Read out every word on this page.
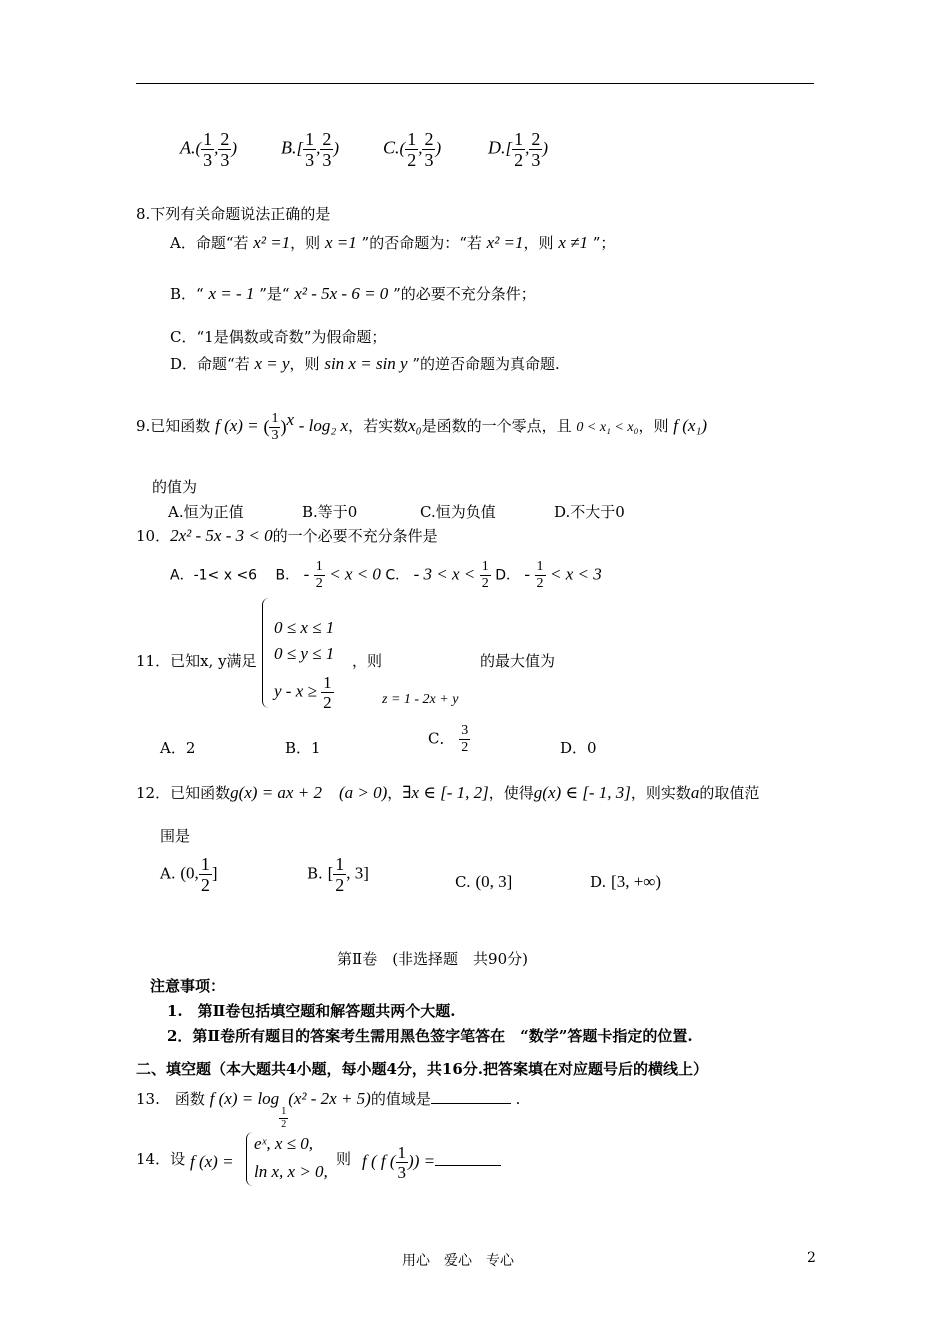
$A.( \frac{1}{3}$ , $\frac{2}{3}$ ) $B.[ \frac{1}{3}$ , $\frac{2}{3}$ ) $C.( \frac{1}{2}$ , $\frac{2}{3}$ )	$D.[ \frac{1}{2}$ , $\frac{2}{3}$ )
8.下列有关命题说法正确的是
A．命题“若 x² =1，则 x =1 ”的否命题为：“若 x² =1，则 x ≠1 ”；
B．“ x = - 1 ”是“ x² - 5x - 6 = 0 ”的必要不充分条件；
C．“1是偶数或奇数”为假命题；
D．命题“若 x = y，则 sin x = sin y ”的逆否命题为真命题.
9.已知函数 f (x) = ( $\frac{1}{3} )^x - \log_2$ x，若实数x₀是函数的一个零点，且 0 < x₁ < x₀，则 f (x₁)
的值为
A.恒为正值	B.等于0	C.恒为负值	D.不大于0
10．2x² - 5x - 3 < 0的一个必要不充分条件是
A．-1< x <6　 B． - $\frac{1}{2} < x < 0$ C． - $3 < x < \frac{1}{2}$ D． - $\frac{1}{2} < x < 3$
11．已知x, y满足
0 ≤ x ≤ 1
0 ≤ y ≤ 1
$y - x \ge \frac{1}{2}$
，则
z = 1 - 2x + y
的最大值为
A．2	B．1
C． $\frac{3}{2}$	D．0
12．已知函数g(x) = ax + 2　(a > 0)，∃x ∈ [- 1, 2]，使得g(x) ∈ [- 1, 3]，则实数a的取值范
围是
A. (0, $\frac{1}{2}$ ]	B. [ $\frac{1}{2}$ , 3]	C. (0, 3]	D. [3, +∞)
第Ⅱ卷　(非选择题　共90分)
注意事项：
1.　第Ⅱ卷包括填空题和解答题共两个大题.
2．第Ⅱ卷所有题目的答案考生需用黑色签字笔答在　“数学”答题卡指定的位置.
二、填空题（本大题共4小题，每小题4分，共16分.把答案填在对应题号后的横线上）
13.　函数 f (x) = log
$\frac{1}{2}$
(x² - 2x + 5)的值域是	.
14．设 f (x) =
eˣ, x ≤ 0,
ln x, x > 0,
则 f ( f ( $\frac{1}{3}$ )) =
用心　爱心　专心	2
